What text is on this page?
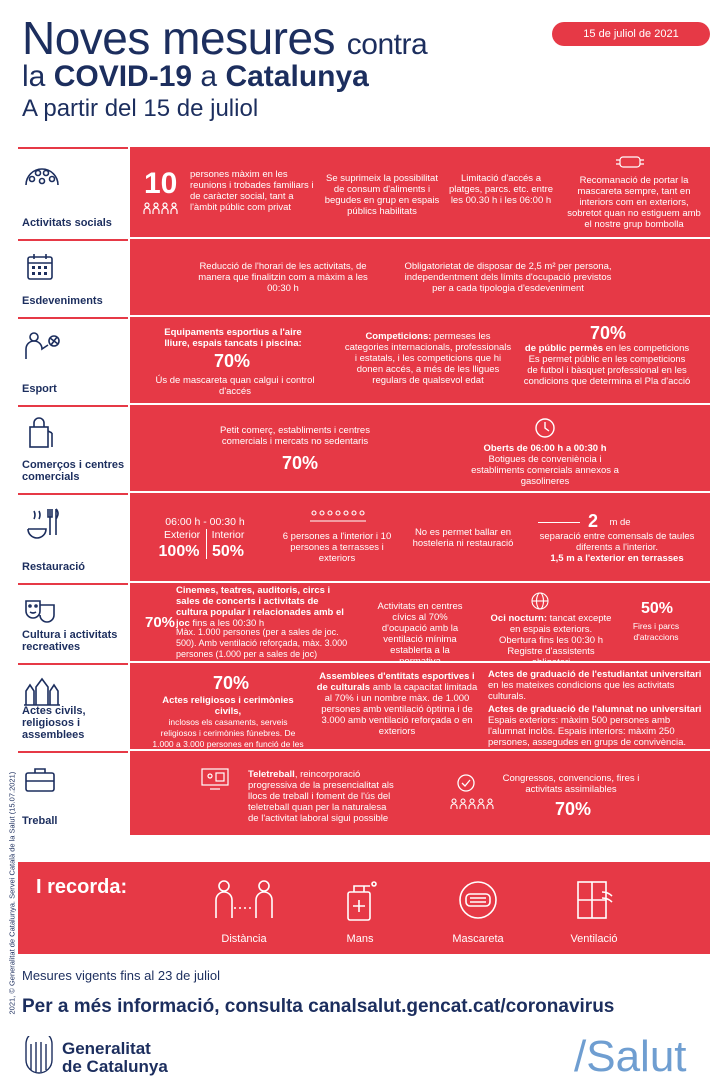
Noves mesures contra
la COVID-19 a Catalunya
A partir del 15 de juliol
15 de juliol de 2021
Activitats socials
10 persones màxim en les reunions i trobades familiars i de caràcter social, tant a l'àmbit públic com privat
Se suprimeix la possibilitat de consum d'aliments i begudes en grup en espais públics habilitats
Limitació d'accés a platges, parcs. etc. entre les 00.30 h i les 06:00 h
Recomanació de portar la mascareta sempre, tant en interiors com en exteriors, sobretot quan no estiguem amb el nostre grup bombolla
Esdeveniments
Reducció de l'horari de les activitats, de manera que finalitzin com a màxim a les 00:30 h
Obligatorietat de disposar de 2,5 m² per persona, independentment dels límits d'ocupació previstos per a cada tipologia d'esdeveniment
Esport
Equipaments esportius a l'aire lliure, espais tancats i piscina:
70%
Ús de mascareta quan calgui i control d'accés
Competicions: permeses les categories internacionals, professionals i estatals, i les competicions que hi donen accés, a més de les lligues regulars de qualsevol edat
70%
de públic permès en les competicions Es permet públic en les competicions de futbol i bàsquet professional en les condicions que determina el Pla d'acció
Comerços i centres comercials
Petit comerç, establiments i centres comercials i mercats no sedentaris
70%
Oberts de 06:00 h a 00:30 h
Botigues de conveniència i establiments comercials annexos a gasolineres
Restauració
06:00 h - 00:30 h
Exterior Interior
100% 50%
6 persones a l'interior i 10 persones a terrasses i exteriors
No es permet ballar en hosteleria ni restauració
2	m de
separació entre comensals de taules diferents a l'interior.
1,5 m a l'exterior en terrasses
Cultura i activitats recreatives
70%
Cinemes, teatres, auditoris, circs i sales de concerts i activitats de cultura popular i relacionades amb el joc fins a les 00:30 h
Màx. 1.000 persones (per a sales de joc. 500). Amb ventilació reforçada, màx. 3.000 persones (1.000 per a sales de joc)
Activitats en centres cívics al 70% d'ocupació amb la ventilació mínima establerta a la
Oci nocturn: tancat excepte en espais exteriors. Obertura fins les 00:30 h Registre d'assistents
50%
Fires i parcs d'atraccions
Actes civils, religiosos i assemblees
70%
Actes religiosos i cerimònies civils,
inclosos els casaments, serveis religiosos i cerimònies fúnebres. De 1.000 a 3.000 persones en funció de les
Assemblees d'entitats esportives i de culturals amb la capacitat limitada al 70% i un nombre màx. de 1.000 persones amb ventilació òptima i de 3.000 amb ventilació reforçada o en exteriors
Actes de graduació de l'estudiantat universitari
en les mateixes condicions que les activitats culturals.
Actes de graduació de l'alumnat no universitari
Espais exteriors: màxim 500 persones amb l'alumnat inclòs. Espais interiors: màxim 250 persones, assegudes en grups de convivència.
Treball
Teletreball, reincorporació progressiva de la presencialitat als llocs de treball i foment de l'ús del teletreball quan per la naturalesa de l'activitat laboral sigui possible
Congressos, convencions, fires i activitats assimilables
70%
I recorda:
Distància	Mans	Mascareta	Ventilació
Mesures vigents fins al 23 de juliol
Per a més informació, consulta canalsalut.gencat.cat/coronavirus
Generalitat
de Catalunya	/Salut
2021, © Generalitat de Catalunya. Servei Català de la Salut (15.07.2021)
